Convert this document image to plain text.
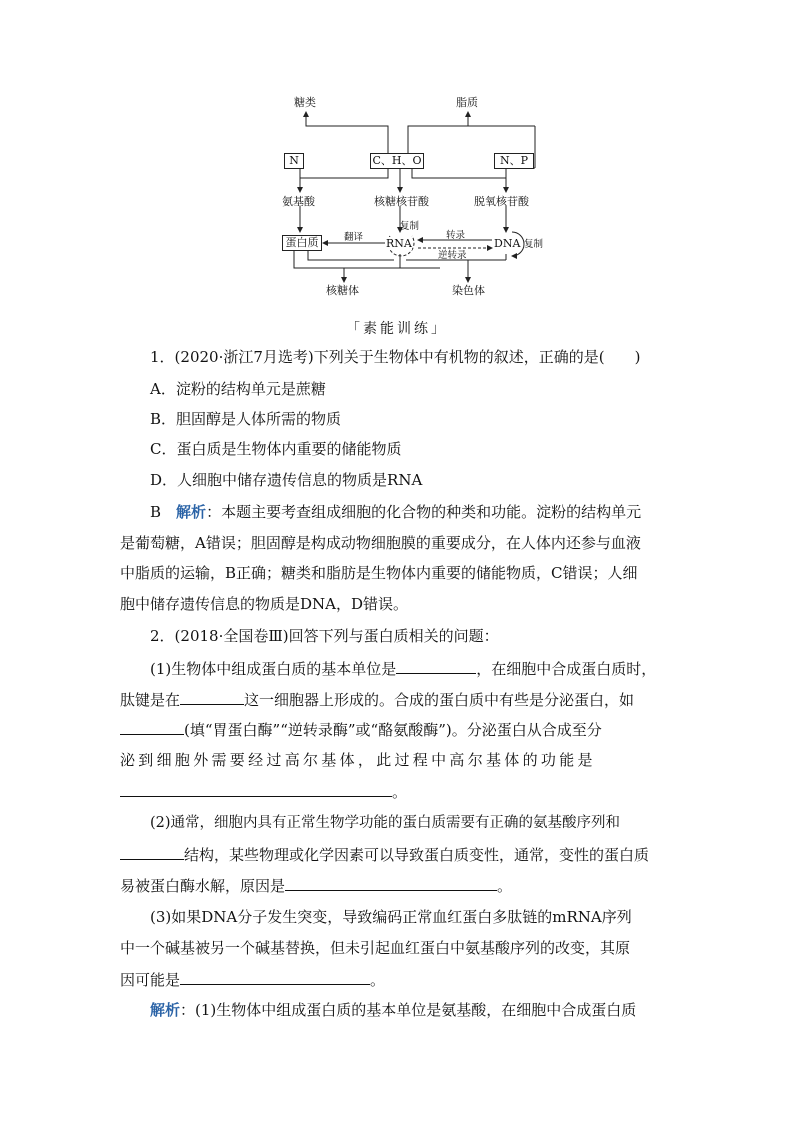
糖类	脂质
N	C、H、O	N、P
氨基酸	核糖核苷酸	脱氧核苷酸
蛋白质	翻译 RNA
复制
转录
逆转录
DNA 复制
核糖体	染色体
「素能训练」
1．(2020·浙江7月选考)下列关于生物体中有机物的叙述，正确的是(　　)
A．淀粉的结构单元是蔗糖
B．胆固醇是人体所需的物质
C．蛋白质是生物体内重要的储能物质
D．人细胞中储存遗传信息的物质是RNA
B　 解析：本题主要考查组成细胞的化合物的种类和功能。淀粉的结构单元
是葡萄糖，A错误；胆固醇是构成动物细胞膜的重要成分，在人体内还参与血液
中脂质的运输，B正确；糖类和脂肪是生物体内重要的储能物质，C错误；人细
胞中储存遗传信息的物质是DNA，D错误。
2．(2018·全国卷Ⅲ)回答下列与蛋白质相关的问题：
(1)生物体中组成蛋白质的基本单位是	，在细胞中合成蛋白质时，
肽键是在	这一细胞器上形成的。合成的蛋白质中有些是分泌蛋白，如
(填“胃蛋白酶”“逆转录酶”或“酪氨酸酶”)。分泌蛋白从合成至分
泌到细胞外需要经过高尔基体，此过程中高尔基体的功能是
。
(2)通常，细胞内具有正常生物学功能的蛋白质需要有正确的氨基酸序列和
结构，某些物理或化学因素可以导致蛋白质变性，通常，变性的蛋白质
易被蛋白酶水解，原因是	。
(3)如果DNA分子发生突变，导致编码正常血红蛋白多肽链的mRNA序列
中一个碱基被另一个碱基替换，但未引起血红蛋白中氨基酸序列的改变，其原
因可能是	。
解析：(1)生物体中组成蛋白质的基本单位是氨基酸，在细胞中合成蛋白质
